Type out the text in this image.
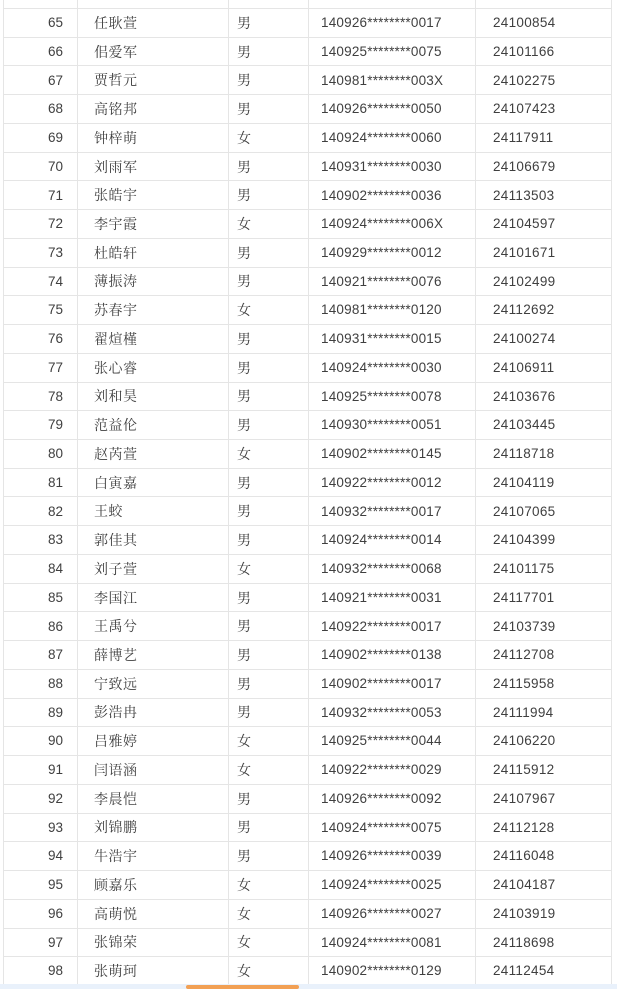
65	任耿萱	男	140926********0017	24100854
66	佀爱军	男	140925********0075	24101166
67	贾哲元	男	140981********003X	24102275
68	高铭邦	男	140926********0050	24107423
69	钟梓萌	女	140924********0060	24117911
70	刘雨军	男	140931********0030	24106679
71	张皓宇	男	140902********0036	24113503
72	李宇霞	女	140924********006X	24104597
73	杜皓轩	男	140929********0012	24101671
74	薄振涛	男	140921********0076	24102499
75	苏春宇	女	140981********0120	24112692
76	翟煊槿	男	140931********0015	24100274
77	张心睿	男	140924********0030	24106911
78	刘和昊	男	140925********0078	24103676
79	范益伦	男	140930********0051	24103445
80	赵芮萱	女	140902********0145	24118718
81	白寅嘉	男	140922********0012	24104119
82	王蛟	男	140932********0017	24107065
83	郭佳其	男	140924********0014	24104399
84	刘子萱	女	140932********0068	24101175
85	李国江	男	140921********0031	24117701
86	王禹兮	男	140922********0017	24103739
87	薛博艺	男	140902********0138	24112708
88	宁致远	男	140902********0017	24115958
89	彭浩冉	男	140932********0053	24111994
90	吕雅婷	女	140925********0044	24106220
91	闫语涵	女	140922********0029	24115912
92	李晨恺	男	140926********0092	24107967
93	刘锦鹏	男	140924********0075	24112128
94	牛浩宇	男	140926********0039	24116048
95	顾嘉乐	女	140924********0025	24104187
96	高萌悦	女	140926********0027	24103919
97	张锦荣	女	140924********0081	24118698
98	张萌珂	女	140902********0129	24112454
